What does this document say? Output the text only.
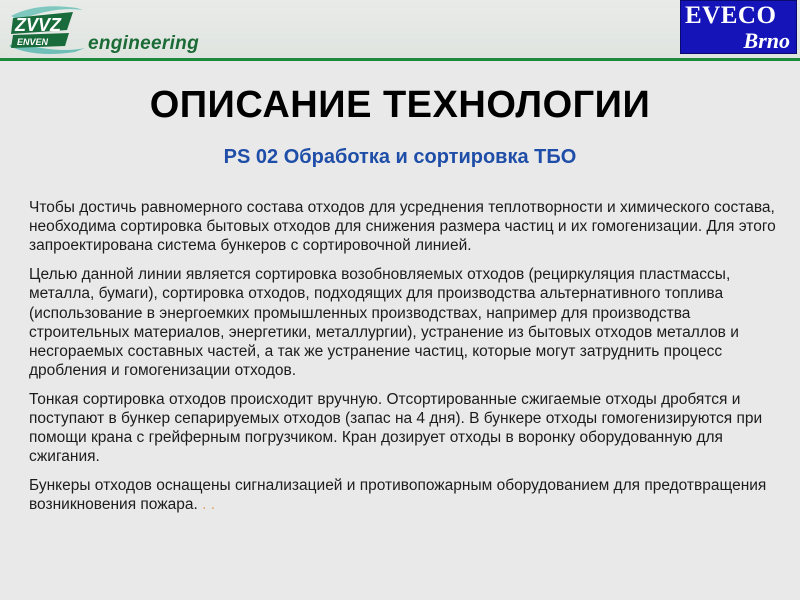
ZVVZ
ENVEN engineering
EVECO
Brno
ОПИСАНИЕ ТЕХНОЛОГИИ
PS 02 Обработка и сортировка ТБО

Чтобы достичь равномерного состава отходов для усреднения теплотворности и химического состава, необходима сортировка бытовых отходов для снижения размера частиц и их гомогенизации. Для этого запроектирована система бункеров с сортировочной линией.

Целью данной линии является сортировка возобновляемых отходов (рециркуляция пластмассы, металла, бумаги), сортировка отходов, подходящих для производства альтернативного топлива (использование в энергоемких промышленных производствах, например для производства строительных материалов, энергетики, металлургии), устранение из бытовых отходов металлов и несгораемых составных частей, а так же устранение частиц, которые могут затруднить процесс дробления и гомогенизации отходов.

Тонкая сортировка отходов происходит вручную. Отсортированные сжигаемые отходы дробятся и поступают в бункер сепарируемых отходов (запас на 4 дня). В бункере отходы гомогенизируются при помощи крана с грейферным погрузчиком. Кран дозирует отходы в воронку оборудованную для сжигания.

Бункеры отходов оснащены сигнализацией и противопожарным оборудованием для предотвращения возникновения пожара. . .
